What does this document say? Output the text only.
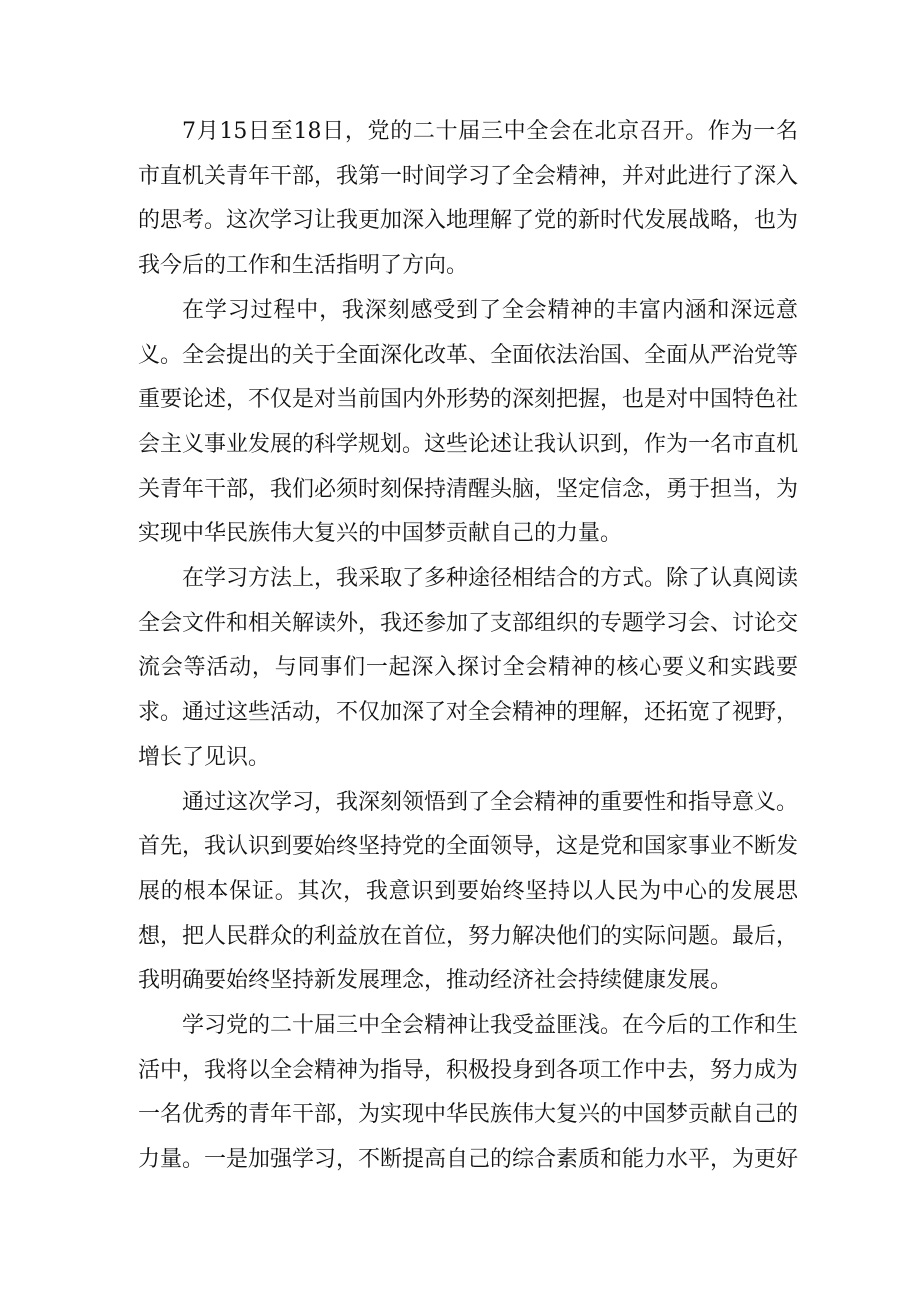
7月15日至18日，党的二十届三中全会在北京召开。作为一名市直机关青年干部，我第一时间学习了全会精神，并对此进行了深入的思考。这次学习让我更加深入地理解了党的新时代发展战略，也为我今后的工作和生活指明了方向。

在学习过程中，我深刻感受到了全会精神的丰富内涵和深远意义。全会提出的关于全面深化改革、全面依法治国、全面从严治党等重要论述，不仅是对当前国内外形势的深刻把握，也是对中国特色社会主义事业发展的科学规划。这些论述让我认识到，作为一名市直机关青年干部，我们必须时刻保持清醒头脑，坚定信念，勇于担当，为实现中华民族伟大复兴的中国梦贡献自己的力量。

在学习方法上，我采取了多种途径相结合的方式。除了认真阅读全会文件和相关解读外，我还参加了支部组织的专题学习会、讨论交流会等活动，与同事们一起深入探讨全会精神的核心要义和实践要求。通过这些活动，不仅加深了对全会精神的理解，还拓宽了视野，增长了见识。

通过这次学习，我深刻领悟到了全会精神的重要性和指导意义。首先，我认识到要始终坚持党的全面领导，这是党和国家事业不断发展的根本保证。其次，我意识到要始终坚持以人民为中心的发展思想，把人民群众的利益放在首位，努力解决他们的实际问题。最后，我明确要始终坚持新发展理念，推动经济社会持续健康发展。

学习党的二十届三中全会精神让我受益匪浅。在今后的工作和生活中，我将以全会精神为指导，积极投身到各项工作中去，努力成为一名优秀的青年干部，为实现中华民族伟大复兴的中国梦贡献自己的力量。一是加强学习，不断提高自己的综合素质和能力水平，为更好
